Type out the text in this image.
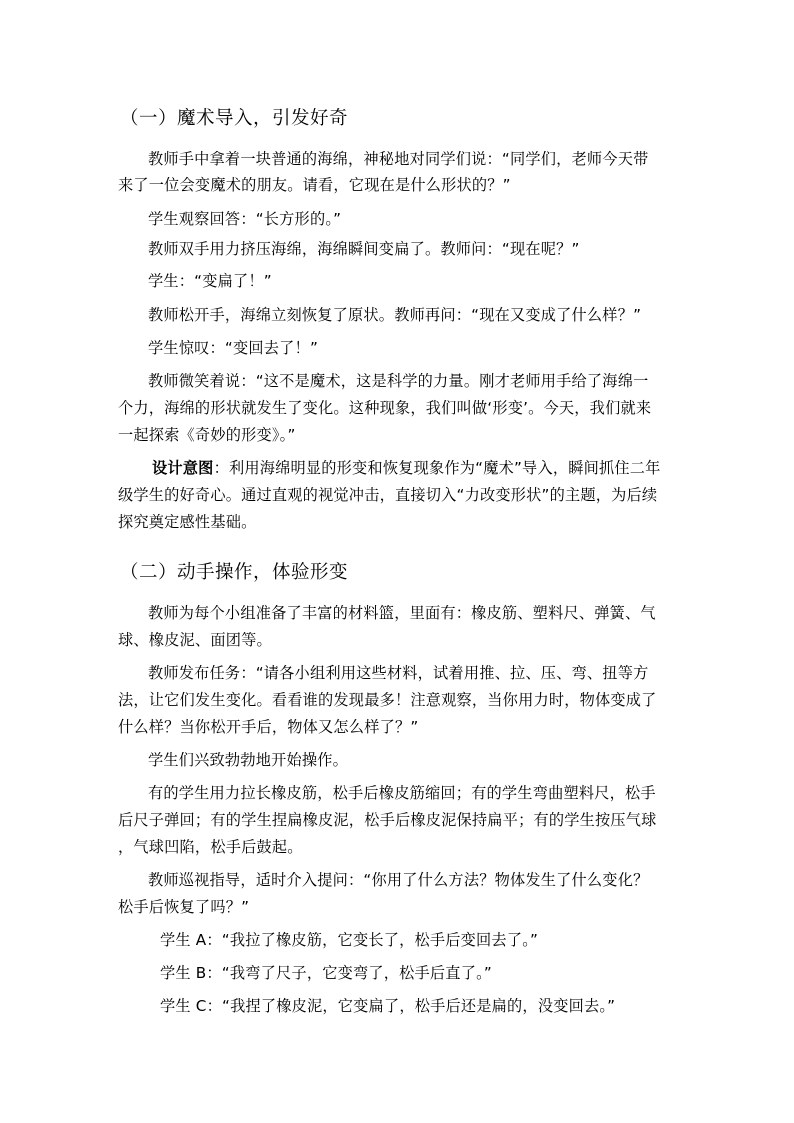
（一）魔术导入，引发好奇
教师手中拿着一块普通的海绵，神秘地对同学们说：“同学们，老师今天带
来了一位会变魔术的朋友。请看，它现在是什么形状的？”
学生观察回答：“长方形的。”
教师双手用力挤压海绵，海绵瞬间变扁了。教师问：“现在呢？”
学生：“变扁了！”
教师松开手，海绵立刻恢复了原状。教师再问：“现在又变成了什么样？”
学生惊叹：“变回去了！”
教师微笑着说：“这不是魔术，这是科学的力量。刚才老师用手给了海绵一
个力，海绵的形状就发生了变化。这种现象，我们叫做‘形变’。今天，我们就来
一起探索《奇妙的形变》。”
设计意图：利用海绵明显的形变和恢复现象作为“魔术”导入，瞬间抓住二年
级学生的好奇心。通过直观的视觉冲击，直接切入“力改变形状”的主题，为后续
探究奠定感性基础。
（二）动手操作，体验形变
教师为每个小组准备了丰富的材料篮，里面有：橡皮筋、塑料尺、弹簧、气
球、橡皮泥、面团等。
教师发布任务：“请各小组利用这些材料，试着用推、拉、压、弯、扭等方
法，让它们发生变化。看看谁的发现最多！注意观察，当你用力时，物体变成了
什么样？当你松开手后，物体又怎么样了？”
学生们兴致勃勃地开始操作。
有的学生用力拉长橡皮筋，松手后橡皮筋缩回；有的学生弯曲塑料尺，松手
后尺子弹回；有的学生捏扁橡皮泥，松手后橡皮泥保持扁平；有的学生按压气球
，气球凹陷，松手后鼓起。
教师巡视指导，适时介入提问：“你用了什么方法？物体发生了什么变化？
松手后恢复了吗？”
学生 A：“我拉了橡皮筋，它变长了，松手后变回去了。”
学生 B：“我弯了尺子，它变弯了，松手后直了。”
学生 C：“我捏了橡皮泥，它变扁了，松手后还是扁的，没变回去。”
